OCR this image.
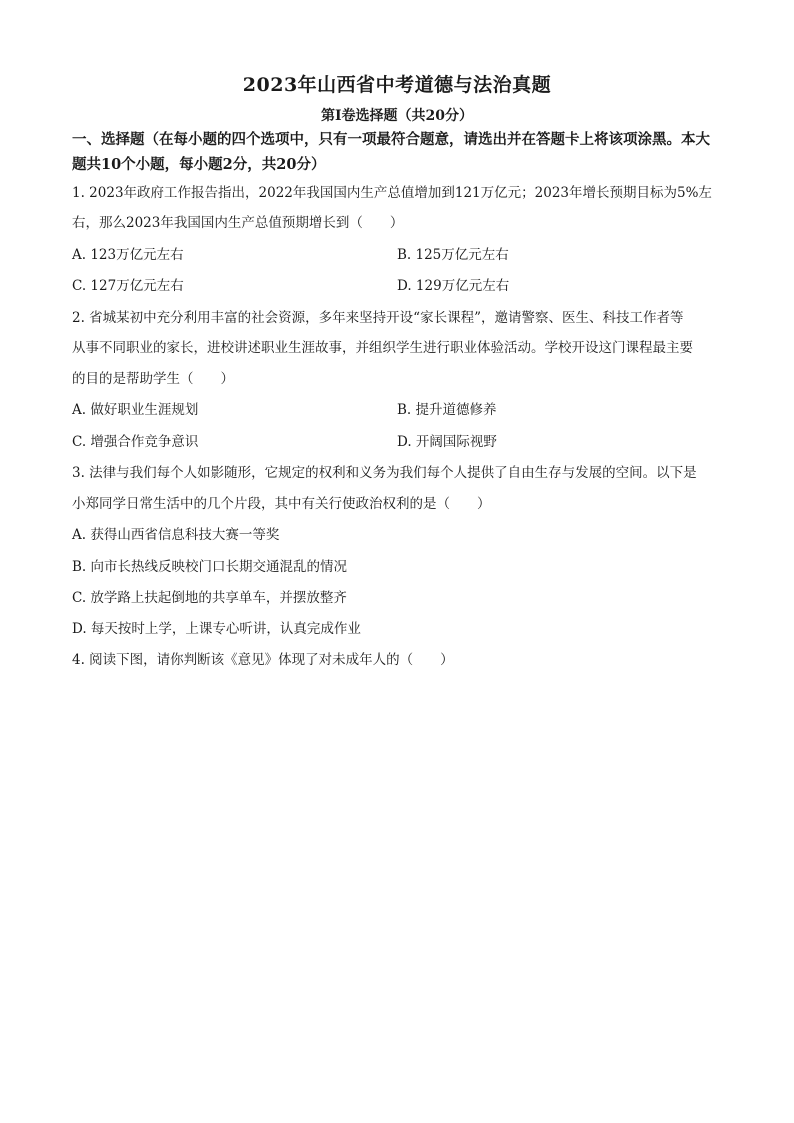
2023年山西省中考道德与法治真题
第Ⅰ卷选择题（共20分）
一、选择题（在每小题的四个选项中，只有一项最符合题意，请选出并在答题卡上将该项涂黑。本大题共10个小题，每小题2分，共20分）
1. 2023年政府工作报告指出，2022年我国国内生产总值增加到121万亿元；2023年增长预期目标为5%左
右，那么2023年我国国内生产总值预期增长到（　　）
A. 123万亿元左右	B. 125万亿元左右
C. 127万亿元左右	D. 129万亿元左右
2. 省城某初中充分利用丰富的社会资源，多年来坚持开设“家长课程”，邀请警察、医生、科技工作者等
从事不同职业的家长，进校讲述职业生涯故事，并组织学生进行职业体验活动。学校开设这门课程最主要
的目的是帮助学生（　　）
A. 做好职业生涯规划	B. 提升道德修养
C. 增强合作竞争意识	D. 开阔国际视野
3. 法律与我们每个人如影随形，它规定的权利和义务为我们每个人提供了自由生存与发展的空间。以下是
小郑同学日常生活中的几个片段，其中有关行使政治权利的是（　　）
A. 获得山西省信息科技大赛一等奖
B. 向市长热线反映校门口长期交通混乱的情况
C. 放学路上扶起倒地的共享单车，并摆放整齐
D. 每天按时上学，上课专心听讲，认真完成作业
4. 阅读下图，请你判断该《意见》体现了对未成年人的（　　）
